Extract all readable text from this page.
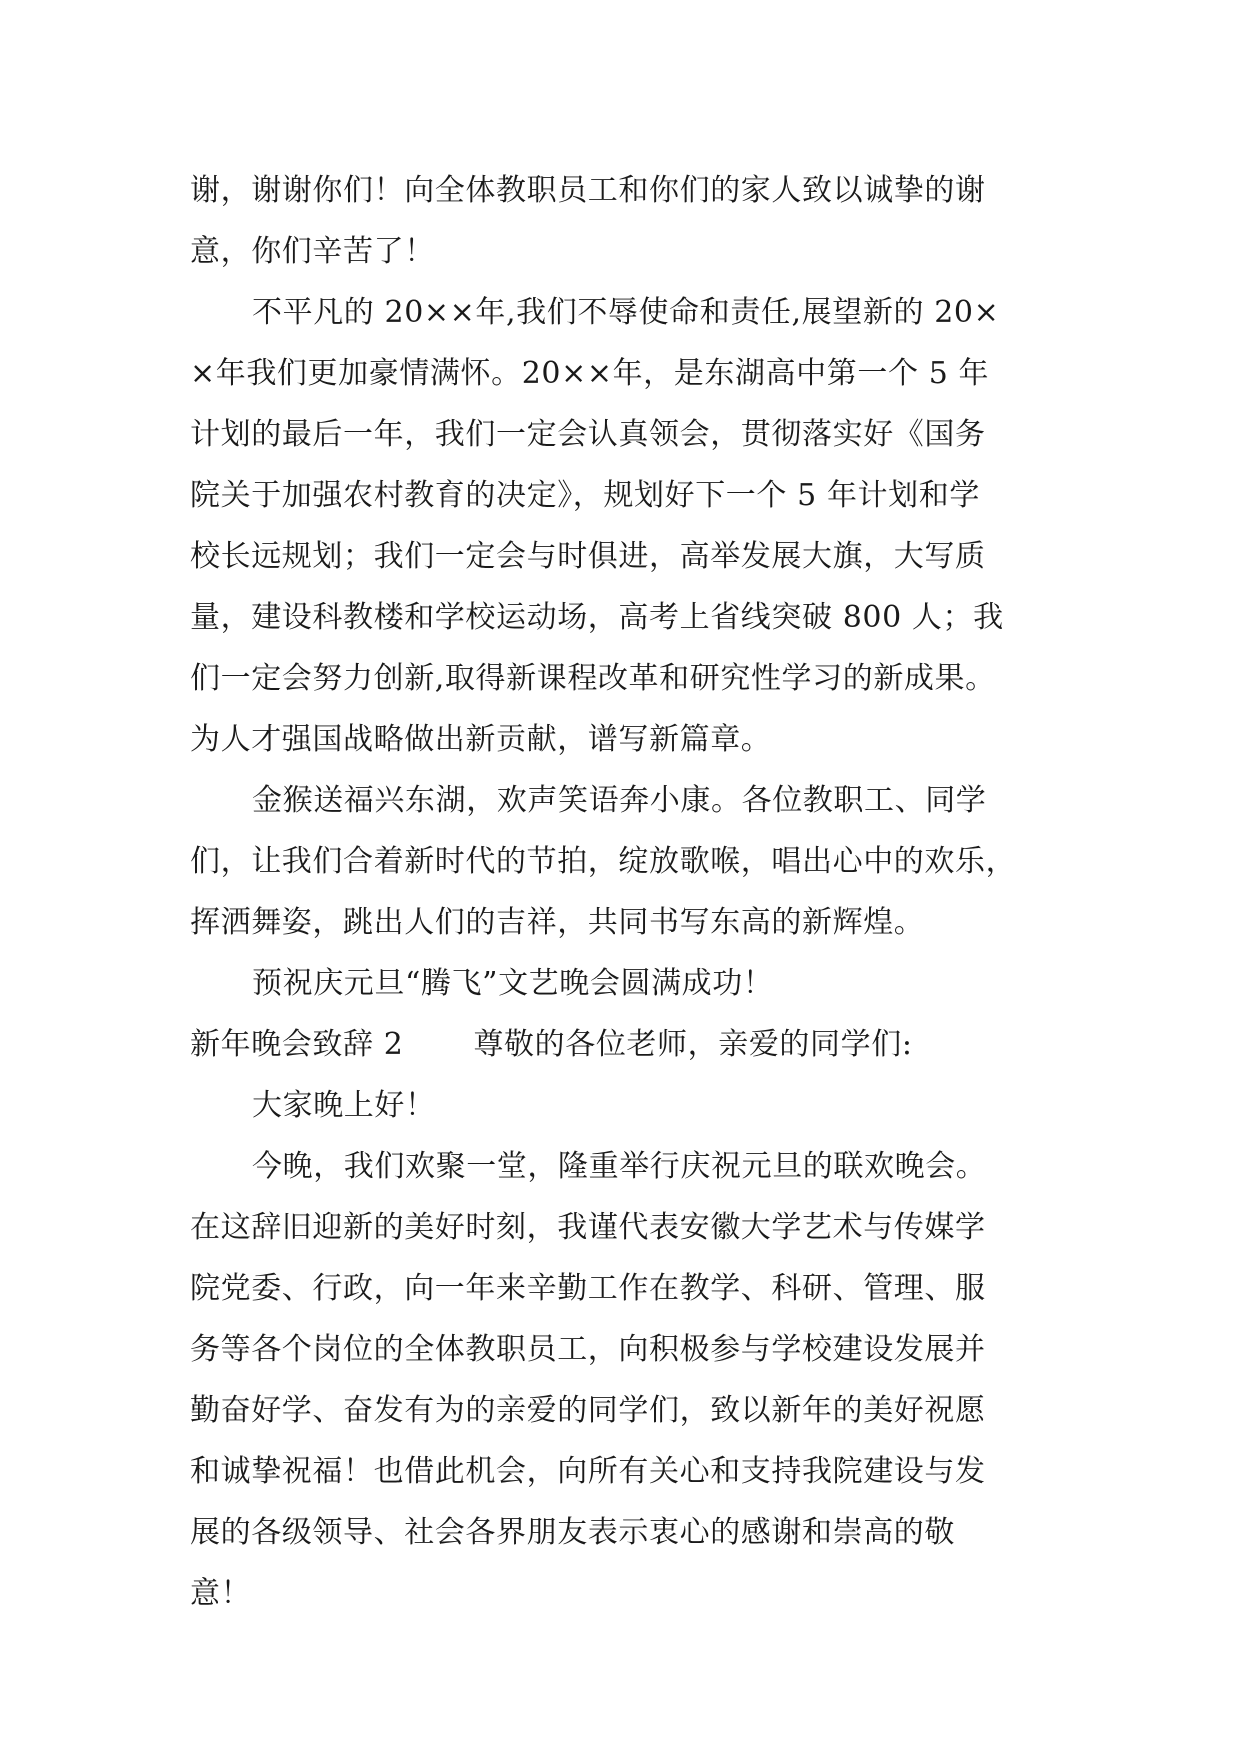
谢，谢谢你们！向全体教职员工和你们的家人致以诚挚的谢
意，你们辛苦了！
不平凡的 20××年,我们不辱使命和责任,展望新的 20×
×年我们更加豪情满怀。20××年，是东湖高中第一个 5 年
计划的最后一年，我们一定会认真领会，贯彻落实好《国务
院关于加强农村教育的决定》，规划好下一个 5 年计划和学
校长远规划；我们一定会与时俱进，高举发展大旗，大写质
量，建设科教楼和学校运动场，高考上省线突破 800 人；我
们一定会努力创新,取得新课程改革和研究性学习的新成果。
为人才强国战略做出新贡献，谱写新篇章。
金猴送福兴东湖，欢声笑语奔小康。各位教职工、同学
们，让我们合着新时代的节拍，绽放歌喉，唱出心中的欢乐，
挥洒舞姿，跳出人们的吉祥，共同书写东高的新辉煌。
预祝庆元旦“腾飞”文艺晚会圆满成功！
新年晚会致辞 2 尊敬的各位老师，亲爱的同学们:
大家晚上好！
今晚，我们欢聚一堂，隆重举行庆祝元旦的联欢晚会。
在这辞旧迎新的美好时刻，我谨代表安徽大学艺术与传媒学
院党委、行政，向一年来辛勤工作在教学、科研、管理、服
务等各个岗位的全体教职员工，向积极参与学校建设发展并
勤奋好学、奋发有为的亲爱的同学们，致以新年的美好祝愿
和诚挚祝福！也借此机会，向所有关心和支持我院建设与发
展的各级领导、社会各界朋友表示衷心的感谢和崇高的敬
意！
